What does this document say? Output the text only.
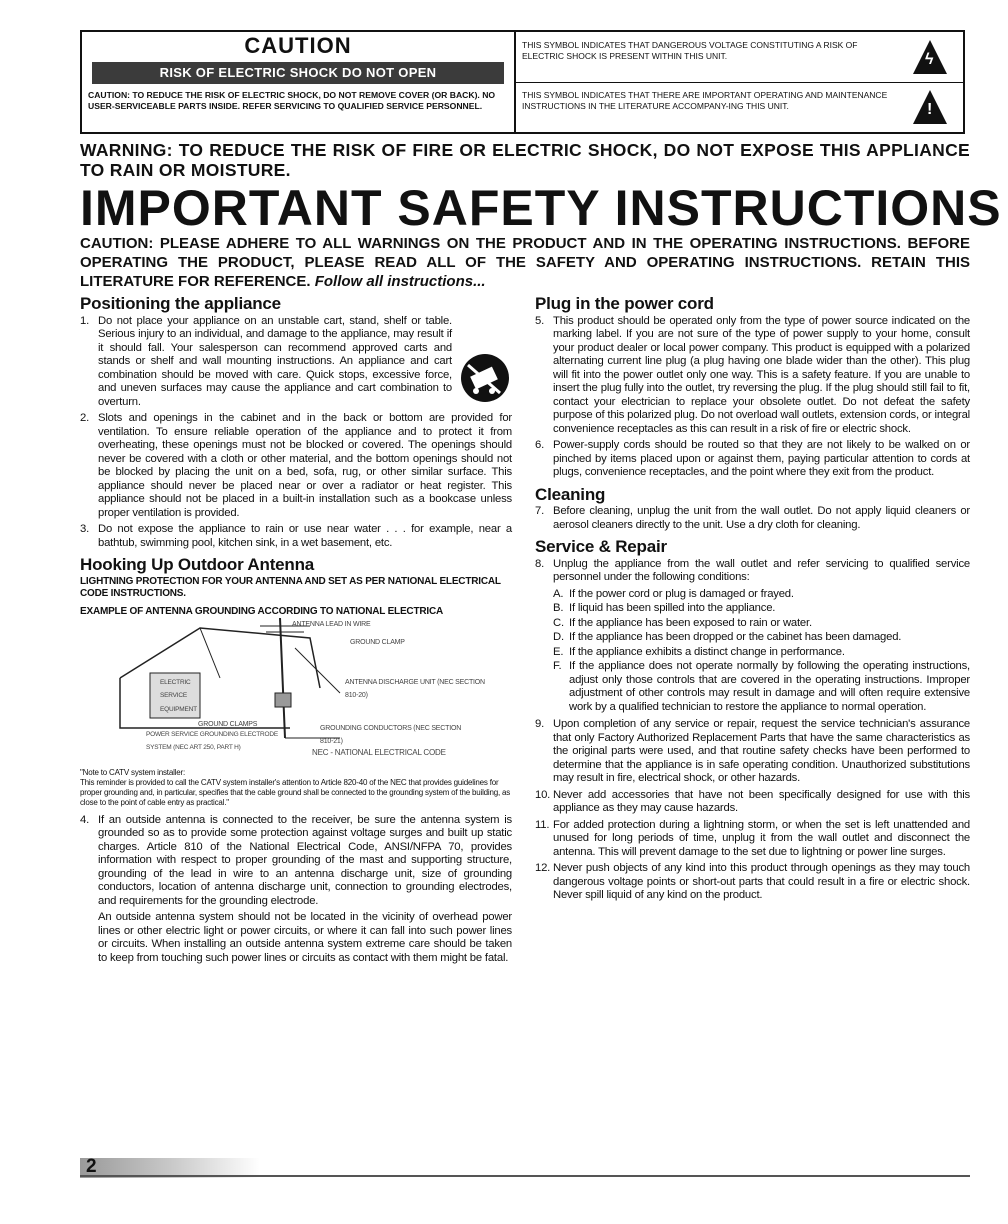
CAUTION
RISK OF ELECTRIC SHOCK DO NOT OPEN
CAUTION: TO REDUCE THE RISK OF ELECTRIC SHOCK, DO NOT REMOVE COVER (OR BACK). NO USER-SERVICEABLE PARTS INSIDE. REFER SERVICING TO QUALIFIED SERVICE PERSONNEL.
THIS SYMBOL INDICATES THAT DANGEROUS VOLTAGE CONSTITUTING A RISK OF ELECTRIC SHOCK IS PRESENT WITHIN THIS UNIT.	ϟ
THIS SYMBOL INDICATES THAT THERE ARE IMPORTANT OPERATING AND MAINTENANCE INSTRUCTIONS IN THE LITERATURE ACCOMPANY-ING THIS UNIT.	!
WARNING: TO REDUCE THE RISK OF FIRE OR ELECTRIC SHOCK, DO NOT EXPOSE THIS APPLIANCE TO RAIN OR MOISTURE.
IMPORTANT SAFETY INSTRUCTIONS
CAUTION: PLEASE ADHERE TO ALL WARNINGS ON THE PRODUCT AND IN THE OPERATING INSTRUCTIONS. BEFORE OPERATING THE PRODUCT, PLEASE READ ALL OF THE SAFETY AND OPERATING INSTRUCTIONS. RETAIN THIS LITERATURE FOR REFERENCE. Follow all instructions...
Positioning the appliance
1. Do not place your appliance on an unstable cart, stand, shelf or table. Serious injury to an individual, and damage to the appliance, may result if it should fall. Your salesperson can recommend approved carts and stands or shelf and wall mounting instructions. An appliance and cart combination should be moved with care. Quick stops, excessive force, and uneven surfaces may cause the appliance and cart combination to overturn.
2. Slots and openings in the cabinet and in the back or bottom are provided for ventilation. To ensure reliable operation of the appliance and to protect it from overheating, these openings must not be blocked or covered. The openings should never be covered with a cloth or other material, and the bottom openings should not be blocked by placing the unit on a bed, sofa, rug, or other similar surface. This appliance should never be placed near or over a radiator or heat register. This appliance should not be placed in a built-in installation such as a bookcase unless proper ventilation is provided.
3. Do not expose the appliance to rain or use near water . . . for example, near a bathtub, swimming pool, kitchen sink, in a wet basement, etc.
Hooking Up Outdoor Antenna
LIGHTNING PROTECTION FOR YOUR ANTENNA AND SET AS PER NATIONAL ELECTRICAL CODE INSTRUCTIONS.
EXAMPLE OF ANTENNA GROUNDING ACCORDING TO NATIONAL ELECTRICA
ANTENNA LEAD IN WIRE
GROUND CLAMP
ELECTRIC SERVICE EQUIPMENT
ANTENNA DISCHARGE UNIT (NEC SECTION 810-20)
GROUND CLAMPS
GROUNDING CONDUCTORS (NEC SECTION 810-21)
POWER SERVICE GROUNDING ELECTRODE SYSTEM (NEC ART 250, PART H)	NEC - NATIONAL ELECTRICAL CODE
"Note to CATV system installer:
This reminder is provided to call the CATV system installer's attention to Article 820-40 of the NEC that provides guidelines for proper grounding and, in particular, specifies that the cable ground shall be connected to the grounding system of the building, as close to the point of cable entry as practical."
4. If an outside antenna is connected to the receiver, be sure the antenna system is grounded so as to provide some protection against voltage surges and built up static charges. Article 810 of the National Electrical Code, ANSI/NFPA 70, provides information with respect to proper grounding of the mast and supporting structure, grounding of the lead in wire to an antenna discharge unit, size of grounding conductors, location of antenna discharge unit, connection to grounding electrodes, and requirements for the grounding electrode.
An outside antenna system should not be located in the vicinity of overhead power lines or other electric light or power circuits, or where it can fall into such power lines or circuits. When installing an outside antenna system extreme care should be taken to keep from touching such power lines or circuits as contact with them might be fatal.
Plug in the power cord
5. This product should be operated only from the type of power source indicated on the marking label. If you are not sure of the type of power supply to your home, consult your product dealer or local power company. This product is equipped with a polarized alternating current line plug (a plug having one blade wider than the other). This plug will fit into the power outlet only one way. This is a safety feature. If you are unable to insert the plug fully into the outlet, try reversing the plug. If the plug should still fail to fit, contact your electrician to replace your obsolete outlet. Do not defeat the safety purpose of this polarized plug. Do not overload wall outlets, extension cords, or integral convenience receptacles as this can result in a risk of fire or electric shock.
6. Power-supply cords should be routed so that they are not likely to be walked on or pinched by items placed upon or against them, paying particular attention to cords at plugs, convenience receptacles, and the point where they exit from the product.
Cleaning
7. Before cleaning, unplug the unit from the wall outlet. Do not apply liquid cleaners or aerosol cleaners directly to the unit. Use a dry cloth for cleaning.
Service & Repair
8. Unplug the appliance from the wall outlet and refer servicing to qualified service personnel under the following conditions:
A. If the power cord or plug is damaged or frayed.
B. If liquid has been spilled into the appliance.
C. If the appliance has been exposed to rain or water.
D. If the appliance has been dropped or the cabinet has been damaged.
E. If the appliance exhibits a distinct change in performance.
F. If the appliance does not operate normally by following the operating instructions, adjust only those controls that are covered in the operating instructions. Improper adjustment of other controls may result in damage and will often require extensive work by a qualified technician to restore the appliance to normal operation.
9. Upon completion of any service or repair, request the service technician's assurance that only Factory Authorized Replacement Parts that have the same characteristics as the original parts were used, and that routine safety checks have been performed to determine that the appliance is in safe operating condition. Unauthorized substitutions may result in fire, electrical shock, or other hazards.
10. Never add accessories that have not been specifically designed for use with this appliance as they may cause hazards.
11. For added protection during a lightning storm, or when the set is left unattended and unused for long periods of time, unplug it from the wall outlet and disconnect the antenna. This will prevent damage to the set due to lightning or power line surges.
12. Never push objects of any kind into this product through openings as they may touch dangerous voltage points or short-out parts that could result in a fire or electric shock. Never spill liquid of any kind on the product.
2
